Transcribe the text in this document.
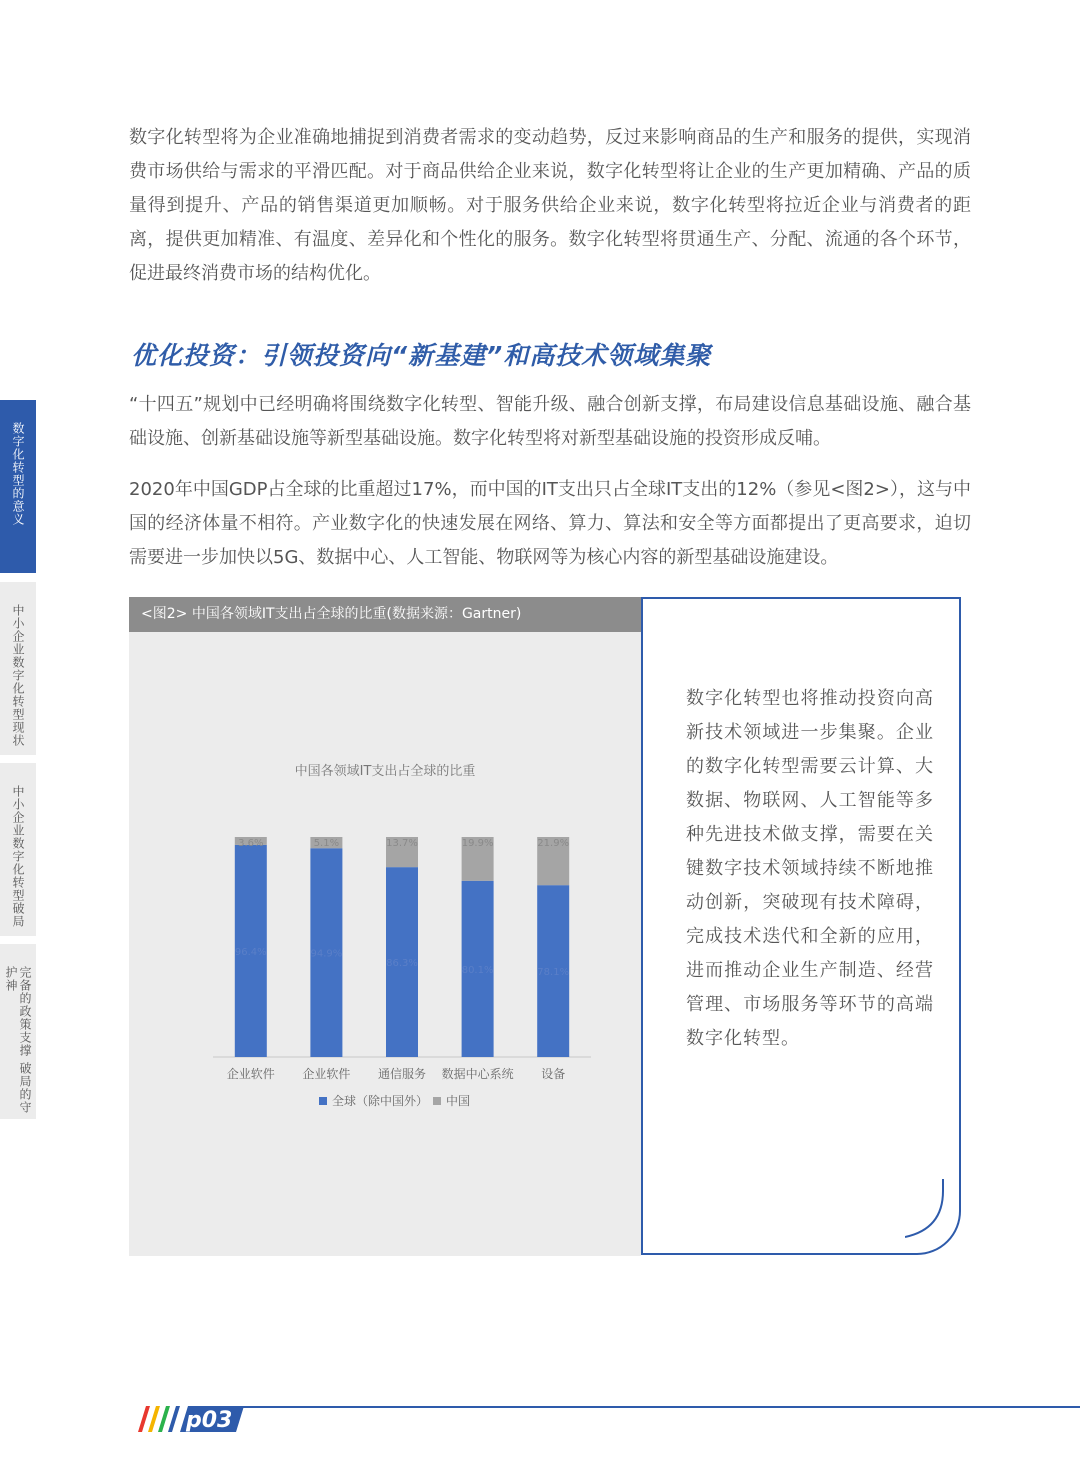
数字化转型将为企业准确地捕捉到消费者需求的变动趋势，反过来影响商品的生产和服务的提供，实现消费市场供给与需求的平滑匹配。对于商品供给企业来说，数字化转型将让企业的生产更加精确、产品的质量得到提升、产品的销售渠道更加顺畅。对于服务供给企业来说，数字化转型将拉近企业与消费者的距离，提供更加精准、有温度、差异化和个性化的服务。数字化转型将贯通生产、分配、流通的各个环节，促进最终消费市场的结构优化。

优化投资：引领投资向“新基建”和高技术领域集聚

“十四五”规划中已经明确将围绕数字化转型、智能升级、融合创新支撑，布局建设信息基础设施、融合基础设施、创新基础设施等新型基础设施。数字化转型将对新型基础设施的投资形成反哺。

2020年中国GDP占全球的比重超过17%，而中国的IT支出只占全球IT支出的12%（参见<图2>），这与中国的经济体量不相符。产业数字化的快速发展在网络、算力、算法和安全等方面都提出了更高要求，迫切需要进一步加快以5G、数据中心、人工智能、物联网等为核心内容的新型基础设施建设。

数字化转型的意义
中小企业数字化转型现状
中小企业数字化转型破局
完备的政策支撑 破局的守护神
<图2> 中国各领域IT支出占全球的比重(数据来源：Gartner)
中国各领域IT支出占全球的比重
96.4%
3.6%
企业软件
94.9%
5.1%
企业软件
86.3%
13.7%
通信服务
80.1%
19.9%
数据中心系统
78.1%
21.9%
设备
全球（除中国外） 中国

数字化转型也将推动投资向高新技术领域进一步集聚。企业的数字化转型需要云计算、大数据、物联网、人工智能等多种先进技术做支撑，需要在关键数字技术领域持续不断地推动创新，突破现有技术障碍，完成技术迭代和全新的应用，进而推动企业生产制造、经营管理、市场服务等环节的高端数字化转型。

p03
